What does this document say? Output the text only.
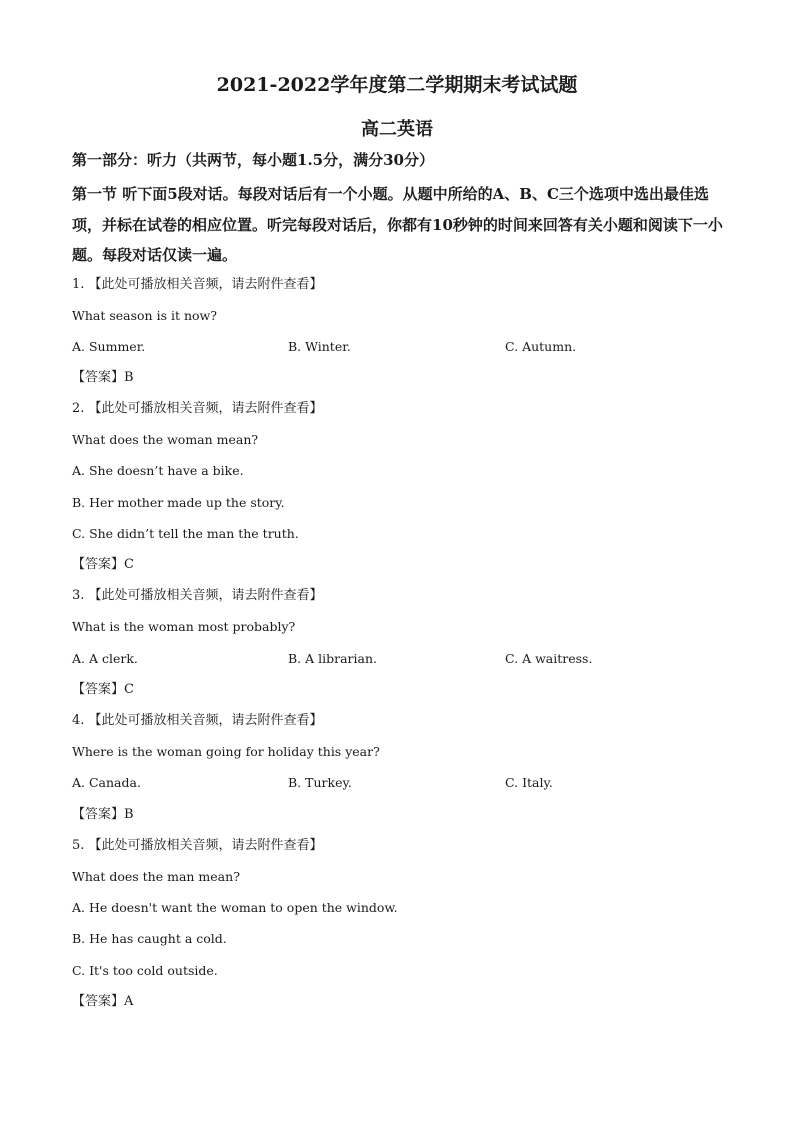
2021-2022学年度第二学期期末考试试题
高二英语

第一部分：听力（共两节，每小题1.5分，满分30分）

第一节 听下面5段对话。每段对话后有一个小题。从题中所给的A、B、C三个选项中选出最佳选项，并标在试卷的相应位置。听完每段对话后，你都有10秒钟的时间来回答有关小题和阅读下一小题。每段对话仅读一遍。

1. 【此处可播放相关音频，请去附件查看】
What season is it now?
A. Summer.	B. Winter.	C. Autumn.
【答案】B
2. 【此处可播放相关音频，请去附件查看】
What does the woman mean?
A. She doesn’t have a bike.
B. Her mother made up the story.
C. She didn’t tell the man the truth.
【答案】C
3. 【此处可播放相关音频，请去附件查看】
What is the woman most probably?
A. A clerk.	B. A librarian.	C. A waitress.
【答案】C
4. 【此处可播放相关音频，请去附件查看】
Where is the woman going for holiday this year?
A. Canada.	B. Turkey.	C. Italy.
【答案】B
5. 【此处可播放相关音频，请去附件查看】
What does the man mean?
A. He doesn't want the woman to open the window.
B. He has caught a cold.
C. It's too cold outside.
【答案】A
